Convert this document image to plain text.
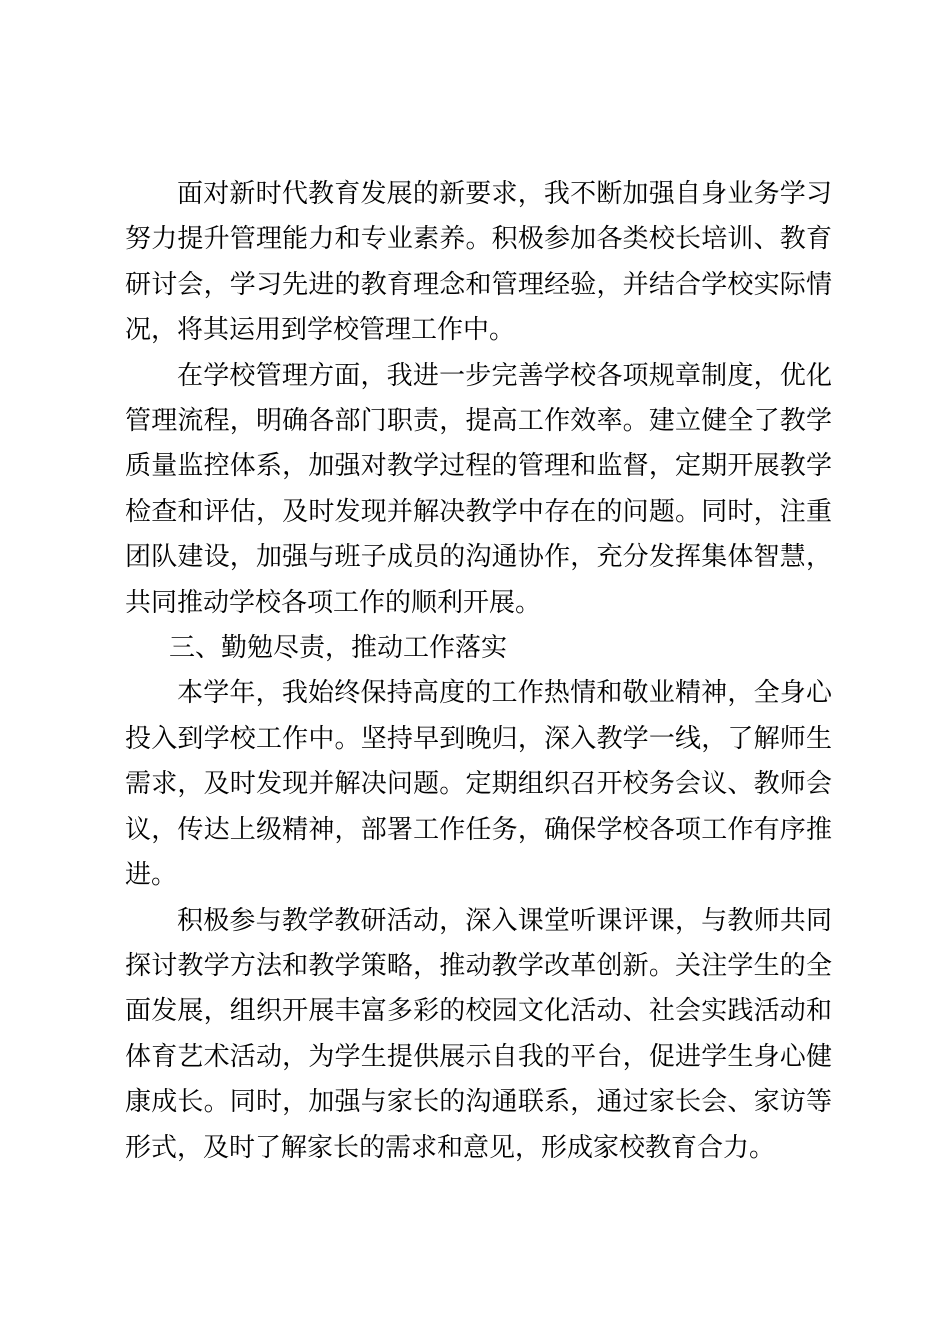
面对新时代教育发展的新要求，我不断加强自身业务学习努力提升管理能力和专业素养。积极参加各类校长培训、教育研讨会，学习先进的教育理念和管理经验，并结合学校实际情况，将其运用到学校管理工作中。

在学校管理方面，我进一步完善学校各项规章制度，优化管理流程，明确各部门职责，提高工作效率。建立健全了教学质量监控体系，加强对教学过程的管理和监督，定期开展教学检查和评估，及时发现并解决教学中存在的问题。同时，注重团队建设，加强与班子成员的沟通协作，充分发挥集体智慧，共同推动学校各项工作的顺利开展。

三、勤勉尽责，推动工作落实

本学年，我始终保持高度的工作热情和敬业精神，全身心投入到学校工作中。坚持早到晚归，深入教学一线，了解师生需求，及时发现并解决问题。定期组织召开校务会议、教师会议，传达上级精神，部署工作任务，确保学校各项工作有序推进。

积极参与教学教研活动，深入课堂听课评课，与教师共同探讨教学方法和教学策略，推动教学改革创新。关注学生的全面发展，组织开展丰富多彩的校园文化活动、社会实践活动和体育艺术活动，为学生提供展示自我的平台，促进学生身心健康成长。同时，加强与家长的沟通联系，通过家长会、家访等形式，及时了解家长的需求和意见，形成家校教育合力。
